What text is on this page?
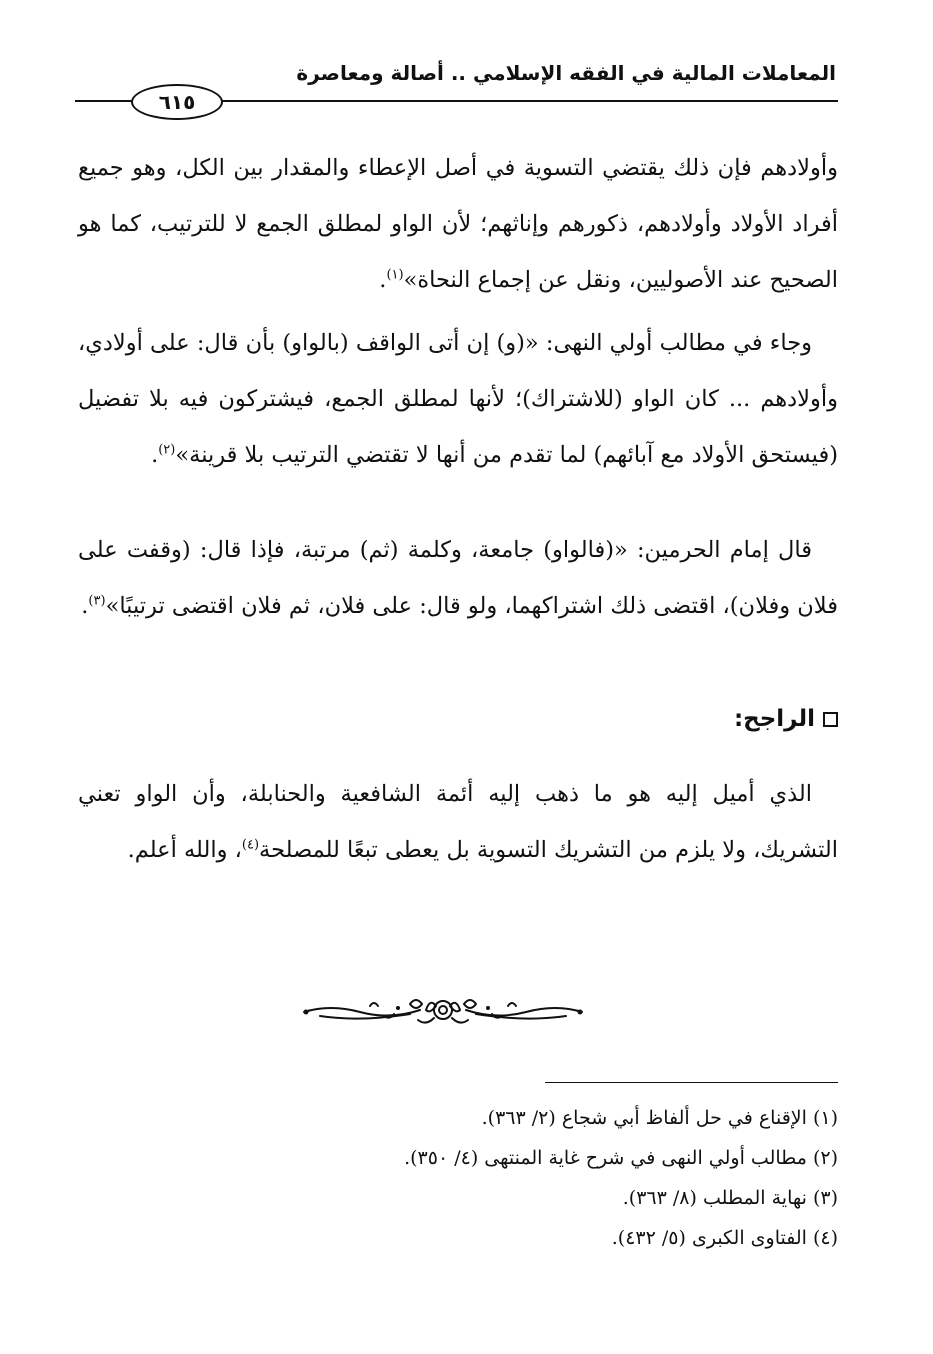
المعاملات المالية في الفقه الإسلامي .. أصالة ومعاصرة
٦١٥
وأولادهم فإن ذلك يقتضي التسوية في أصل الإعطاء والمقدار بين الكل، وهو جميع أفراد الأولاد وأولادهم، ذكورهم وإناثهم؛ لأن الواو لمطلق الجمع لا للترتيب، كما هو الصحيح عند الأصوليين، ونقل عن إجماع النحاة»$^{(١)}$.
وجاء في مطالب أولي النهى: «(و) إن أتى الواقف (بالواو) بأن قال: على أولادي، وأولادهم ... كان الواو (للاشتراك)؛ لأنها لمطلق الجمع، فيشتركون فيه بلا تفضيل (فيستحق الأولاد مع آبائهم) لما تقدم من أنها لا تقتضي الترتيب بلا قرينة»$^{(٢)}$.
قال إمام الحرمين: «(فالواو) جامعة، وكلمة (ثم) مرتبة، فإذا قال: (وقفت على فلان وفلان)، اقتضى ذلك اشتراكهما، ولو قال: على فلان، ثم فلان اقتضى ترتيبًا»$^{(٣)}$.
الراجح:
الذي أميل إليه هو ما ذهب إليه أئمة الشافعية والحنابلة، وأن الواو تعني التشريك، ولا يلزم من التشريك التسوية بل يعطى تبعًا للمصلحة$^{(٤)}$، والله أعلم.
(١) الإقناع في حل ألفاظ أبي شجاع (٢/ ٣٦٣).
(٢) مطالب أولي النهى في شرح غاية المنتهى (٤/ ٣٥٠).
(٣) نهاية المطلب (٨/ ٣٦٣).
(٤) الفتاوى الكبرى (٥/ ٤٣٢).
